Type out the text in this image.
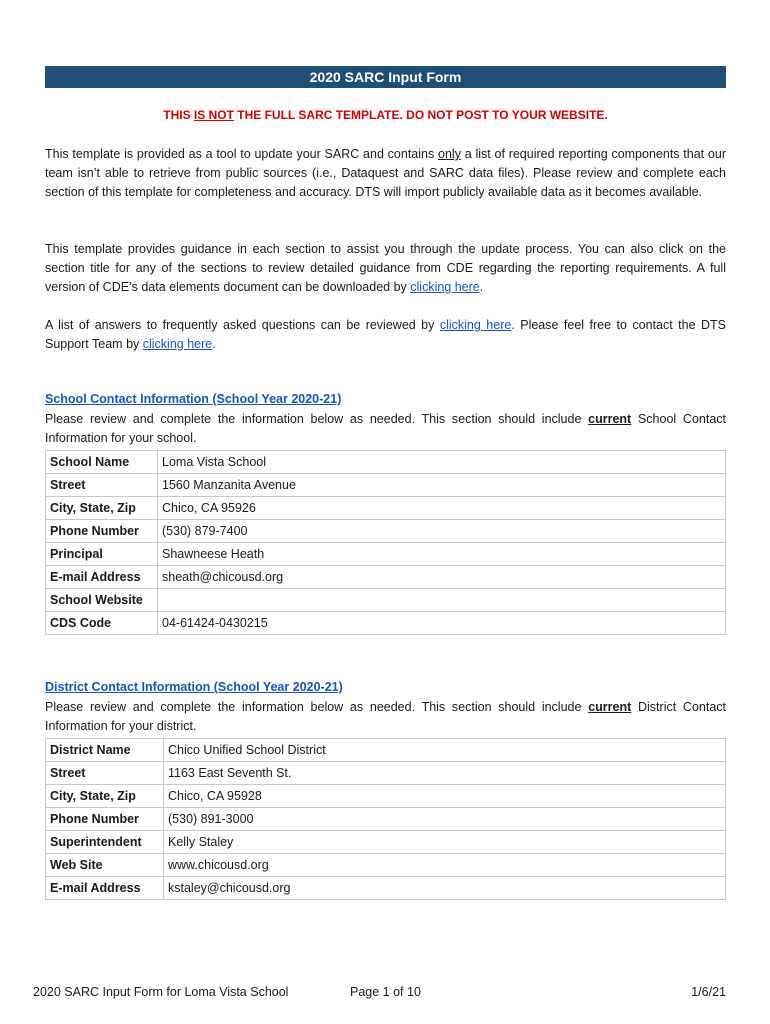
2020 SARC Input Form
THIS IS NOT THE FULL SARC TEMPLATE. DO NOT POST TO YOUR WEBSITE.
This template is provided as a tool to update your SARC and contains only a list of required reporting components that our team isn’t able to retrieve from public sources (i.e., Dataquest and SARC data files). Please review and complete each section of this template for completeness and accuracy. DTS will import publicly available data as it becomes available.
This template provides guidance in each section to assist you through the update process. You can also click on the section title for any of the sections to review detailed guidance from CDE regarding the reporting requirements. A full version of CDE’s data elements document can be downloaded by clicking here.
A list of answers to frequently asked questions can be reviewed by clicking here. Please feel free to contact the DTS Support Team by clicking here.
School Contact Information (School Year 2020-21)
Please review and complete the information below as needed. This section should include current School Contact Information for your school.
School Name	Loma Vista School
Street	1560 Manzanita Avenue
City, State, Zip	Chico, CA 95926
Phone Number	(530) 879-7400
Principal	Shawneese Heath
E-mail Address	sheath@chicousd.org
School Website	
CDS Code	04-61424-0430215
District Contact Information (School Year 2020-21)
Please review and complete the information below as needed. This section should include current District Contact Information for your district.
District Name	Chico Unified School District
Street	1163 East Seventh St.
City, State, Zip	Chico, CA 95928
Phone Number	(530) 891-3000
Superintendent	Kelly Staley
Web Site	www.chicousd.org
E-mail Address	kstaley@chicousd.org
2020 SARC Input Form for Loma Vista School	Page 1 of 10	1/6/21
